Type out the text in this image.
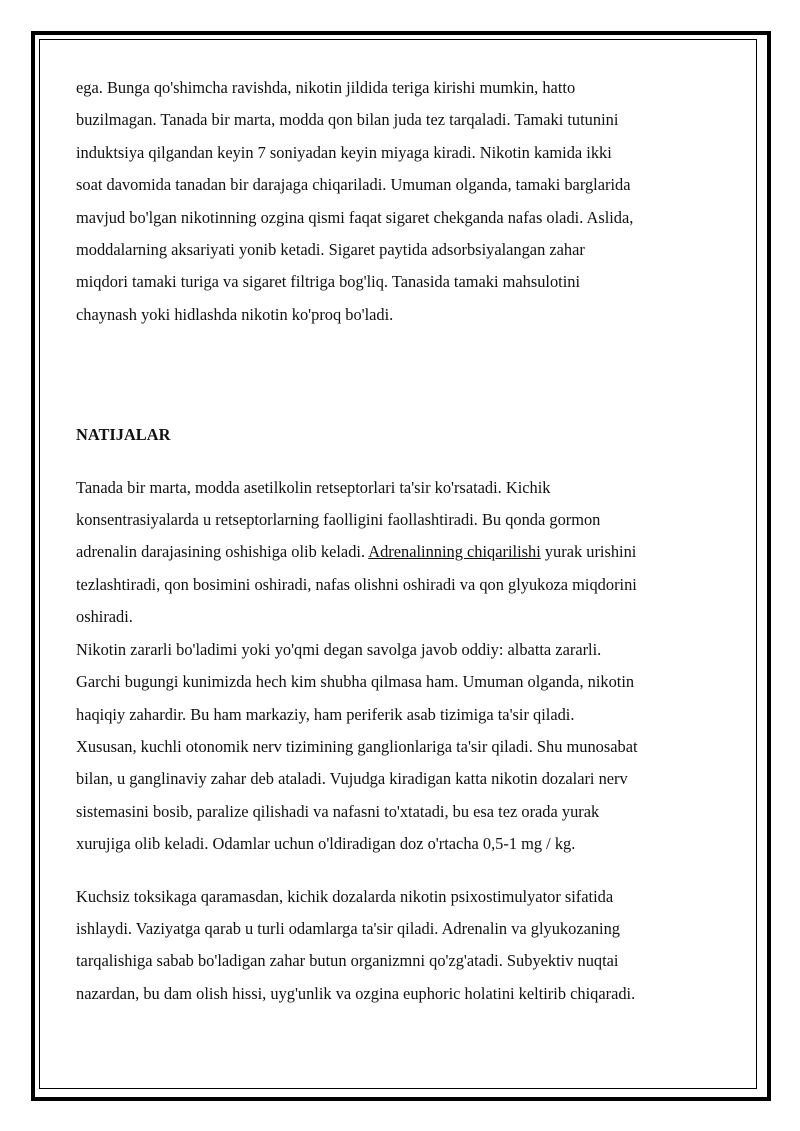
ega. Bunga qo'shimcha ravishda, nikotin jildida teriga kirishi mumkin, hatto
buzilmagan. Tanada bir marta, modda qon bilan juda tez tarqaladi. Tamaki tutunini
induktsiya qilgandan keyin 7 soniyadan keyin miyaga kiradi. Nikotin kamida ikki
soat davomida tanadan bir darajaga chiqariladi. Umuman olganda, tamaki barglarida
mavjud bo'lgan nikotinning ozgina qismi faqat sigaret chekganda nafas oladi. Aslida,
moddalarning aksariyati yonib ketadi. Sigaret paytida adsorbsiyalangan zahar
miqdori tamaki turiga va sigaret filtriga bog'liq. Tanasida tamaki mahsulotini
chaynash yoki hidlashda nikotin ko'proq bo'ladi.

NATIJALAR

Tanada bir marta, modda asetilkolin retseptorlari ta'sir ko'rsatadi. Kichik
konsentrasiyalarda u retseptorlarning faolligini faollashtiradi. Bu qonda gormon
adrenalin darajasining oshishiga olib keladi. Adrenalinning chiqarilishi yurak urishini
tezlashtiradi, qon bosimini oshiradi, nafas olishni oshiradi va qon glyukoza miqdorini
oshiradi.

Nikotin zararli bo'ladimi yoki yo'qmi degan savolga javob oddiy: albatta zararli.
Garchi bugungi kunimizda hech kim shubha qilmasa ham. Umuman olganda, nikotin
haqiqiy zahardir. Bu ham markaziy, ham periferik asab tizimiga ta'sir qiladi.
Xususan, kuchli otonomik nerv tizimining ganglionlariga ta'sir qiladi. Shu munosabat
bilan, u ganglinaviy zahar deb ataladi. Vujudga kiradigan katta nikotin dozalari nerv
sistemasini bosib, paralize qilishadi va nafasni to'xtatadi, bu esa tez orada yurak
xurujiga olib keladi. Odamlar uchun o'ldiradigan doz o'rtacha 0,5-1 mg / kg.

Kuchsiz toksikaga qaramasdan, kichik dozalarda nikotin psixostimulyator sifatida
ishlaydi. Vaziyatga qarab u turli odamlarga ta'sir qiladi. Adrenalin va glyukozaning
tarqalishiga sabab bo'ladigan zahar butun organizmni qo'zg'atadi. Subyektiv nuqtai
nazardan, bu dam olish hissi, uyg'unlik va ozgina euphoric holatini keltirib chiqaradi.
